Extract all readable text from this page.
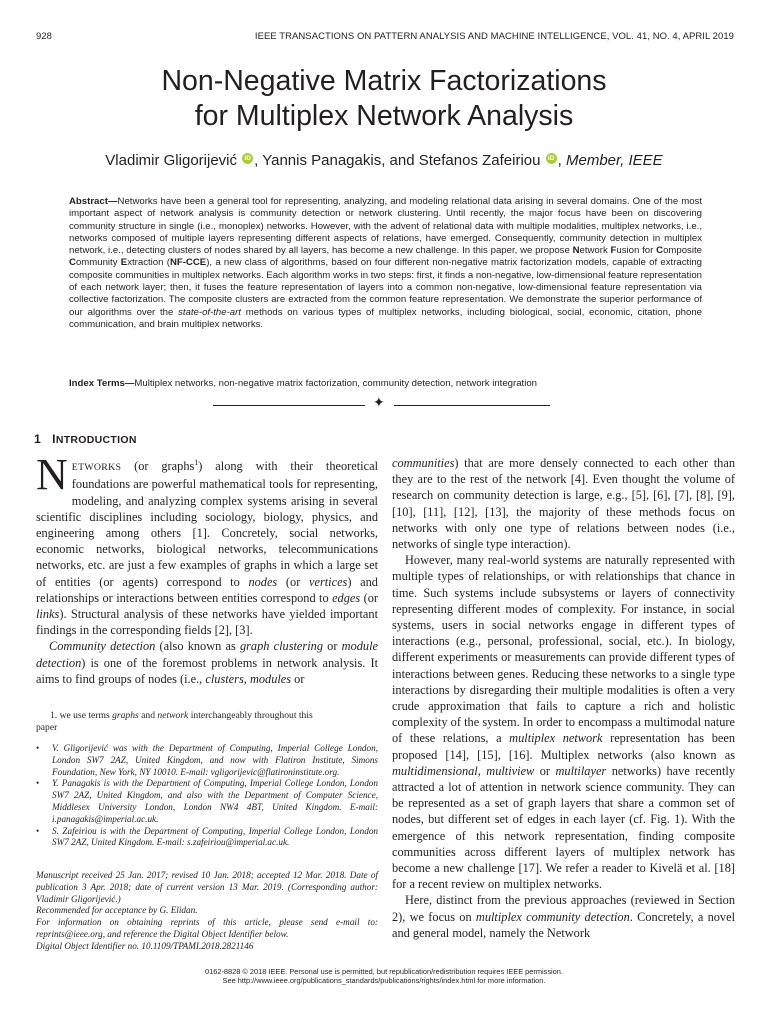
928	IEEE TRANSACTIONS ON PATTERN ANALYSIS AND MACHINE INTELLIGENCE, VOL. 41, NO. 4, APRIL 2019
Non-Negative Matrix Factorizations
for Multiplex Network Analysis
Vladimir Gligorijević iD , Yannis Panagakis, and Stefanos Zafeiriou iD , Member, IEEE
Abstract—Networks have been a general tool for representing, analyzing, and modeling relational data arising in several domains. One of the most important aspect of network analysis is community detection or network clustering. Until recently, the major focus have been on discovering community structure in single (i.e., monoplex) networks. However, with the advent of relational data with multiple modalities, multiplex networks, i.e., networks composed of multiple layers representing different aspects of relations, have emerged. Consequently, community detection in multiplex network, i.e., detecting clusters of nodes shared by all layers, has become a new challenge. In this paper, we propose Network Fusion for Composite Community Extraction (NF-CCE), a new class of algorithms, based on four different non-negative matrix factorization models, capable of extracting composite communities in multiplex networks. Each algorithm works in two steps: first, it finds a non-negative, low-dimensional feature representation of each network layer; then, it fuses the feature representation of layers into a common non-negative, low-dimensional feature representation via collective factorization. The composite clusters are extracted from the common feature representation. We demonstrate the superior performance of our algorithms over the state-of-the-art methods on various types of multiplex networks, including biological, social, economic, citation, phone communication, and brain multiplex networks.
Index Terms—Multiplex networks, non-negative matrix factorization, community detection, network integration
✦
1 INTRODUCTION

NETWORKS (or graphs$^1$) along with their theoretical foundations are powerful mathematical tools for representing, modeling, and analyzing complex systems arising in several scientific disciplines including sociology, biology, physics, and engineering among others [1]. Concretely, social networks, economic networks, biological networks, telecommunications networks, etc. are just a few examples of graphs in which a large set of entities (or agents) correspond to nodes (or vertices) and relationships or interactions between entities correspond to edges (or links). Structural analysis of these networks have yielded important findings in the corresponding fields [2], [3].

Community detection (also known as graph clustering or module detection) is one of the foremost problems in network analysis. It aims to find groups of nodes (i.e., clusters, modules or

1. we use terms graphs and network interchangeably throughout this
paper
• V. Gligorijević was with the Department of Computing, Imperial College London, London SW7 2AZ, United Kingdom, and now with Flatiron Institute, Simons Foundation, New York, NY 10010. E-mail: vgligorijevic@flatironinstitute.org.
• Y. Panagakis is with the Department of Computing, Imperial College London, London SW7 2AZ, United Kingdom, and also with the Department of Computer Science, Middlesex University London, London NW4 4BT, United Kingdom. E-mail: i.panagakis@imperial.ac.uk.
• S. Zafeiriou is with the Department of Computing, Imperial College London, London SW7 2AZ, United Kingdom. E-mail: s.zafeiriou@imperial.ac.uk.
Manuscript received 25 Jan. 2017; revised 10 Jan. 2018; accepted 12 Mar. 2018. Date of publication 3 Apr. 2018; date of current version 13 Mar. 2019. (Corresponding author: Vladimir Gligorijević.)
Recommended for acceptance by G. Elidan.
For information on obtaining reprints of this article, please send e-mail to: reprints@ieee.org, and reference the Digital Object Identifier below.
Digital Object Identifier no. 10.1109/TPAMI.2018.2821146

communities) that are more densely connected to each other than they are to the rest of the network [4]. Even thought the volume of research on community detection is large, e.g., [5], [6], [7], [8], [9], [10], [11], [12], [13], the majority of these methods focus on networks with only one type of relations between nodes (i.e., networks of single type interaction).

However, many real-world systems are naturally represented with multiple types of relationships, or with relationships that chance in time. Such systems include subsystems or layers of connectivity representing different modes of complexity. For instance, in social systems, users in social networks engage in different types of interactions (e.g., personal, professional, social, etc.). In biology, different experiments or measurements can provide different types of interactions between genes. Reducing these networks to a single type interactions by disregarding their multiple modalities is often a very crude approximation that fails to capture a rich and holistic complexity of the system. In order to encompass a multimodal nature of these relations, a multiplex network representation has been proposed [14], [15], [16]. Multiplex networks (also known as multidimensional, multiview or multilayer networks) have recently attracted a lot of attention in network science community. They can be represented as a set of graph layers that share a common set of nodes, but different set of edges in each layer (cf. Fig. 1). With the emergence of this network representation, finding composite communities across different layers of multiplex network has become a new challenge [17]. We refer a reader to Kivelä et al. [18] for a recent review on multiplex networks.

Here, distinct from the previous approaches (reviewed in Section 2), we focus on multiplex community detection. Concretely, a novel and general model, namely the Network

0162-8828 © 2018 IEEE. Personal use is permitted, but republication/redistribution requires IEEE permission.
See http://www.ieee.org/publications_standards/publications/rights/index.html for more information.
